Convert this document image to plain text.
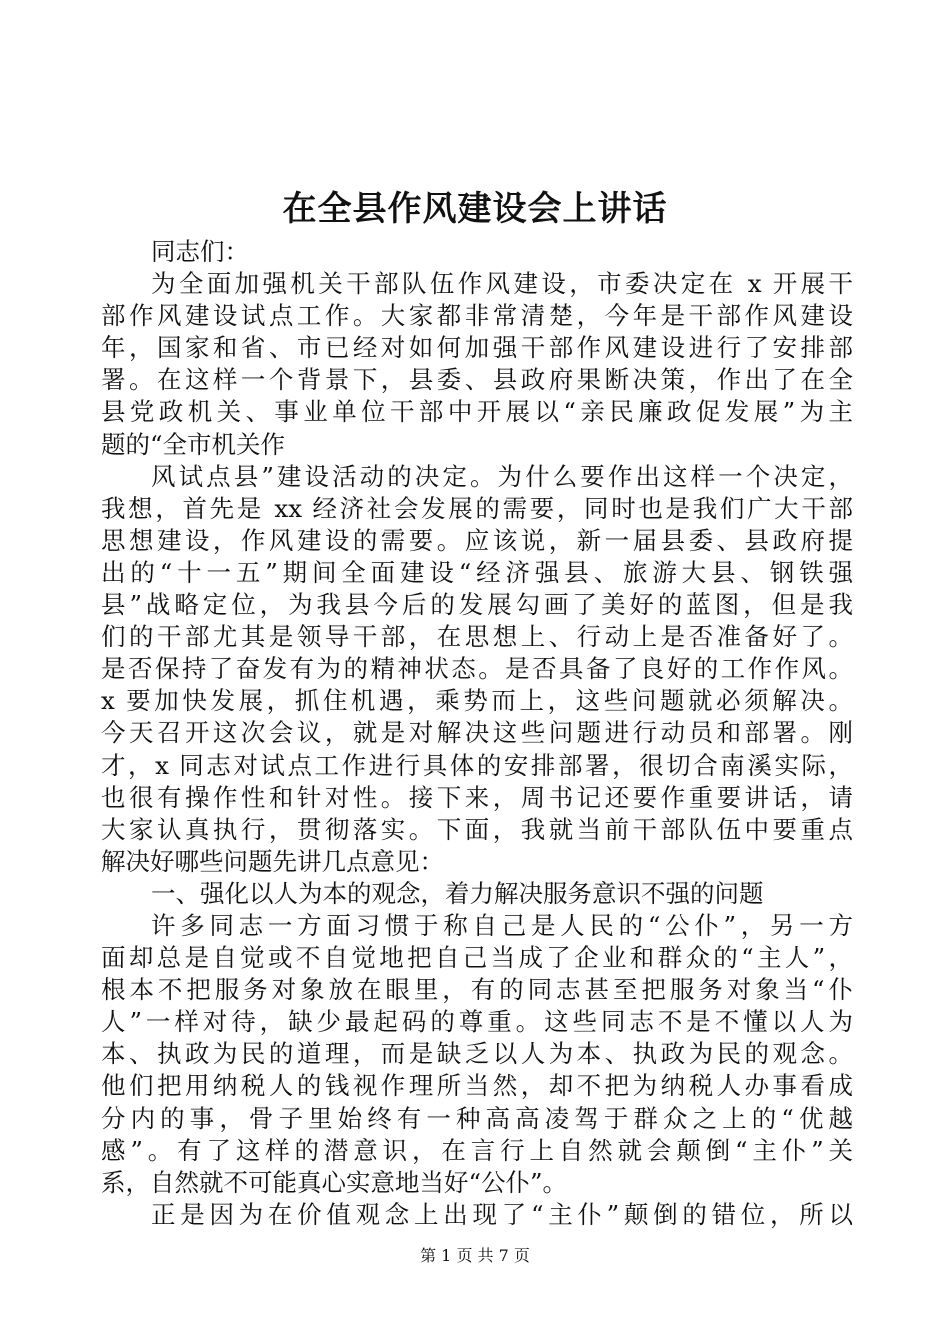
在全县作风建设会上讲话
同志们：
为全面加强机关干部队伍作风建设，市委决定在 x 开展干
部作风建设试点工作。大家都非常清楚，今年是干部作风建设
年，国家和省、市已经对如何加强干部作风建设进行了安排部
署。在这样一个背景下，县委、县政府果断决策，作出了在全
县党政机关、事业单位干部中开展以“亲民廉政促发展”为主
题的“全市机关作
风试点县”建设活动的决定。为什么要作出这样一个决定，
我想，首先是 xx 经济社会发展的需要，同时也是我们广大干部
思想建设，作风建设的需要。应该说，新一届县委、县政府提
出的“十一五”期间全面建设“经济强县、旅游大县、钢铁强
县”战略定位，为我县今后的发展勾画了美好的蓝图，但是我
们的干部尤其是领导干部，在思想上、行动上是否准备好了。
是否保持了奋发有为的精神状态。是否具备了良好的工作作风。
x 要加快发展，抓住机遇，乘势而上，这些问题就必须解决。
今天召开这次会议，就是对解决这些问题进行动员和部署。刚
才，x 同志对试点工作进行具体的安排部署，很切合南溪实际，
也很有操作性和针对性。接下来，周书记还要作重要讲话，请
大家认真执行，贯彻落实。下面，我就当前干部队伍中要重点
解决好哪些问题先讲几点意见：
一、强化以人为本的观念，着力解决服务意识不强的问题
许多同志一方面习惯于称自己是人民的“公仆”，另一方
面却总是自觉或不自觉地把自己当成了企业和群众的“主人”，
根本不把服务对象放在眼里，有的同志甚至把服务对象当“仆
人”一样对待，缺少最起码的尊重。这些同志不是不懂以人为
本、执政为民的道理，而是缺乏以人为本、执政为民的观念。
他们把用纳税人的钱视作理所当然，却不把为纳税人办事看成
分内的事，骨子里始终有一种高高凌驾于群众之上的“优越
感”。有了这样的潜意识，在言行上自然就会颠倒“主仆”关
系，自然就不可能真心实意地当好“公仆”。
正是因为在价值观念上出现了“主仆”颠倒的错位，所以
第 1 页 共 7 页
